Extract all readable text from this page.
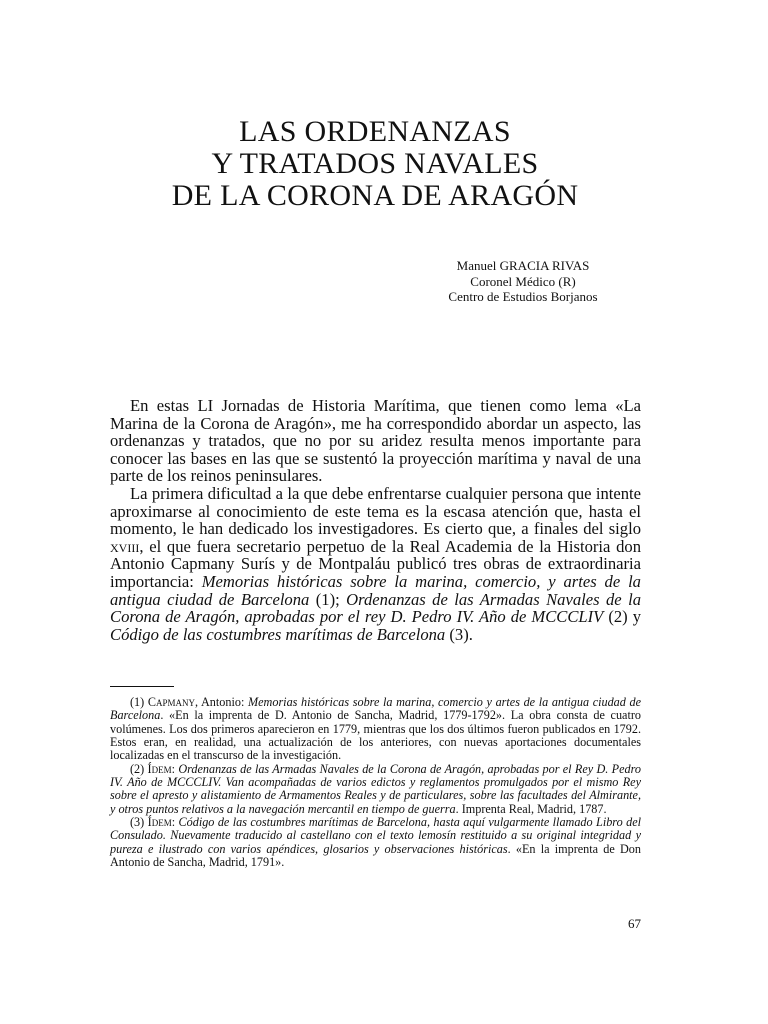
LAS ORDENANZAS
Y TRATADOS NAVALES
DE LA CORONA DE ARAGÓN
Manuel GRACIA RIVAS
Coronel Médico (R)
Centro de Estudios Borjanos

En estas LI Jornadas de Historia Marítima, que tienen como lema «La Marina de la Corona de Aragón», me ha correspondido abordar un aspecto, las ordenanzas y tratados, que no por su aridez resulta menos importante para conocer las bases en las que se sustentó la proyección marítima y naval de una parte de los reinos peninsulares.

La primera dificultad a la que debe enfrentarse cualquier persona que intente aproximarse al conocimiento de este tema es la escasa atención que, hasta el momento, le han dedicado los investigadores. Es cierto que, a finales del siglo xviii, el que fuera secretario perpetuo de la Real Academia de la Historia don Antonio Capmany Surís y de Montpaláu publicó tres obras de extraordinaria importancia: Memorias históricas sobre la marina, comercio, y artes de la antigua ciudad de Barcelona (1); Ordenanzas de las Armadas Navales de la Corona de Aragón, aprobadas por el rey D. Pedro IV. Año de MCCCLIV (2) y Código de las costumbres marítimas de Barcelona (3).

(1) Capmany, Antonio: Memorias históricas sobre la marina, comercio y artes de la antigua ciudad de Barcelona. «En la imprenta de D. Antonio de Sancha, Madrid, 1779-1792». La obra consta de cuatro volúmenes. Los dos primeros aparecieron en 1779, mientras que los dos últimos fueron publicados en 1792. Estos eran, en realidad, una actualización de los anteriores, con nuevas aportaciones documentales localizadas en el transcurso de la investigación.

(2) Ídem: Ordenanzas de las Armadas Navales de la Corona de Aragón, aprobadas por el Rey D. Pedro IV. Año de MCCCLIV. Van acompañadas de varios edictos y reglamentos promulgados por el mismo Rey sobre el apresto y alistamiento de Armamentos Reales y de particulares, sobre las facultades del Almirante, y otros puntos relativos a la navegación mercantil en tiempo de guerra. Imprenta Real, Madrid, 1787.

(3) Ídem: Código de las costumbres marítimas de Barcelona, hasta aquí vulgarmente llamado Libro del Consulado. Nuevamente traducido al castellano con el texto lemosín restituido a su original integridad y pureza e ilustrado con varios apéndices, glosarios y observaciones históricas. «En la imprenta de Don Antonio de Sancha, Madrid, 1791».

67
